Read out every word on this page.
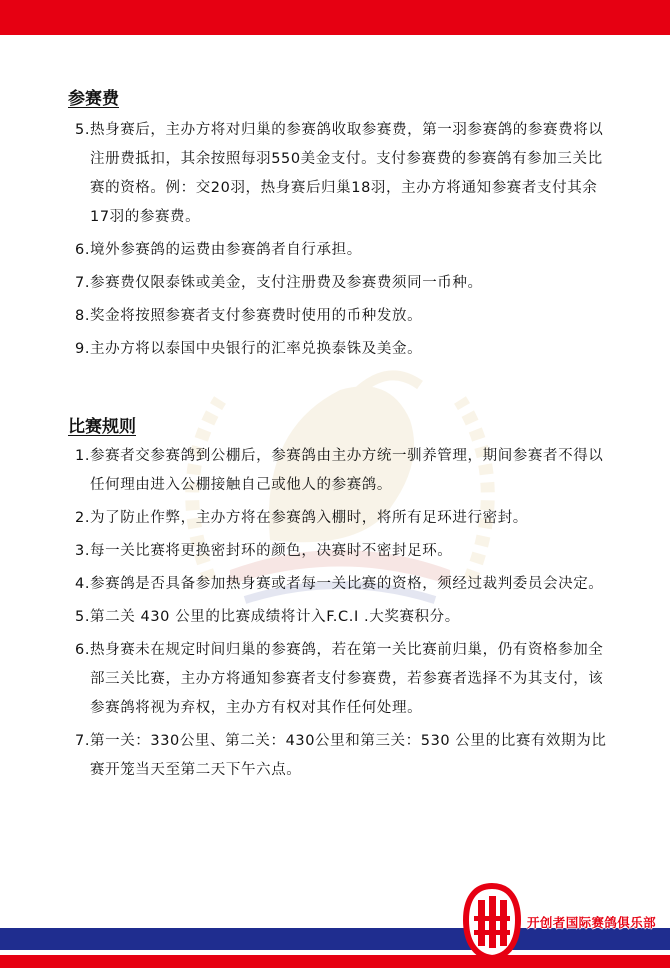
参赛费
5. 热身赛后，主办方将对归巢的参赛鸽收取参赛费，第一羽参赛鸽的参赛费将以注册费抵扣，其余按照每羽550美金支付。支付参赛费的参赛鸽有参加三关比赛的资格。例：交20羽，热身赛后归巢18羽，主办方将通知参赛者支付其余17羽的参赛费。
6. 境外参赛鸽的运费由参赛鸽者自行承担。
7. 参赛费仅限泰铢或美金，支付注册费及参赛费须同一币种。
8. 奖金将按照参赛者支付参赛费时使用的币种发放。
9. 主办方将以泰国中央银行的汇率兑换泰铢及美金。
比赛规则
1. 参赛者交参赛鸽到公棚后，参赛鸽由主办方统一驯养管理，期间参赛者不得以任何理由进入公棚接触自己或他人的参赛鸽。
2. 为了防止作弊，主办方将在参赛鸽入棚时，将所有足环进行密封。
3. 每一关比赛将更换密封环的颜色，决赛时不密封足环。
4. 参赛鸽是否具备参加热身赛或者每一关比赛的资格，须经过裁判委员会决定。
5. 第二关 430 公里的比赛成绩将计入F.C.I .大奖赛积分。
6. 热身赛未在规定时间归巢的参赛鸽，若在第一关比赛前归巢，仍有资格参加全部三关比赛，主办方将通知参赛者支付参赛费，若参赛者选择不为其支付，该参赛鸽将视为弃权，主办方有权对其作任何处理。
7. 第一关：330公里、第二关：430公里和第三关：530 公里的比赛有效期为比赛开笼当天至第二天下午六点。
开创者国际赛鸽俱乐部
